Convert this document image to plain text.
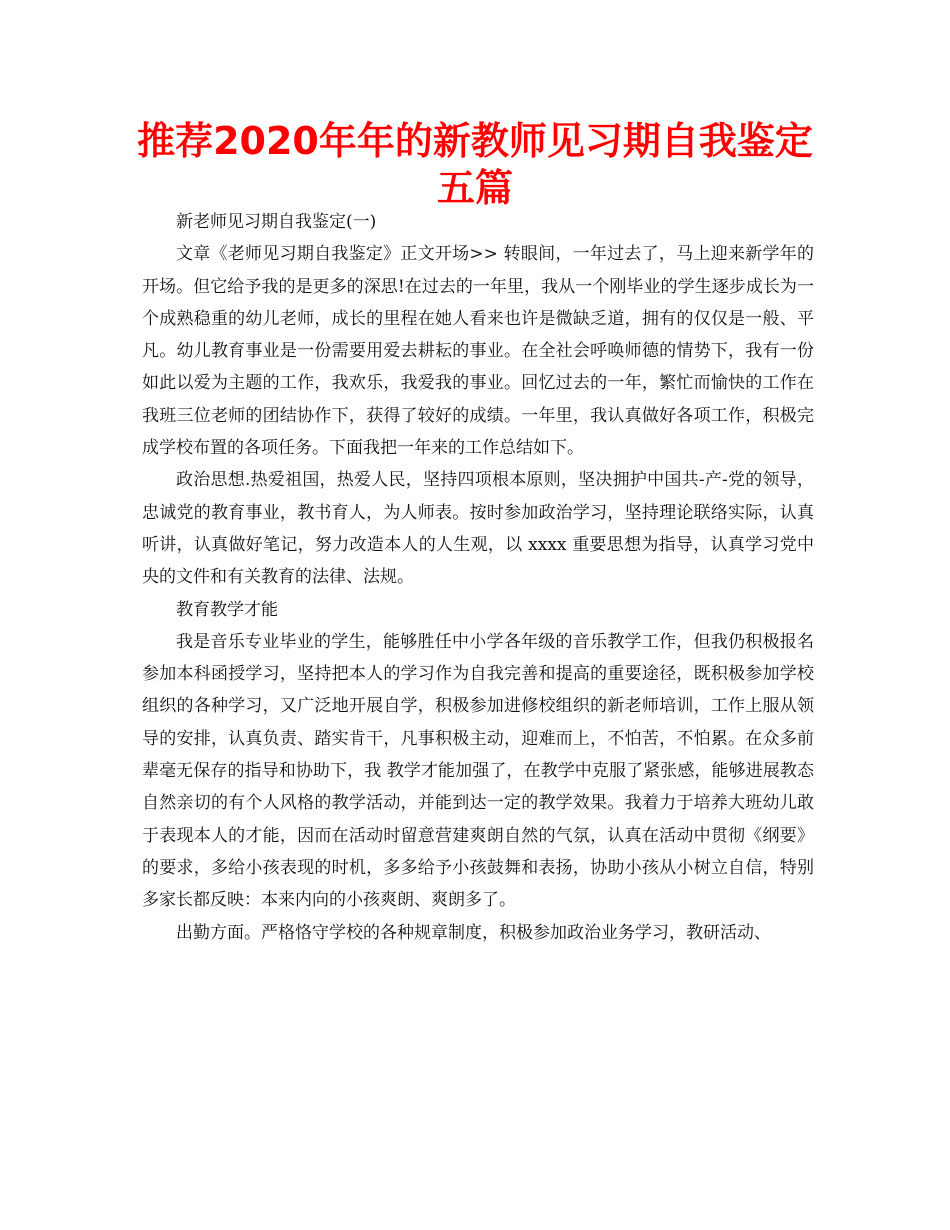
推荐2020年年的新教师见习期自我鉴定五篇

新老师见习期自我鉴定(一)

文章《老师见习期自我鉴定》正文开场>> 转眼间，一年过去了，马上迎来新学年的开场。但它给予我的是更多的深思!在过去的一年里，我从一个刚毕业的学生逐步成长为一个成熟稳重的幼儿老师，成长的里程在她人看来也许是微缺乏道，拥有的仅仅是一般、平凡。幼儿教育事业是一份需要用爱去耕耘的事业。在全社会呼唤师德的情势下，我有一份如此以爱为主题的工作，我欢乐，我爱我的事业。回忆过去的一年，繁忙而愉快的工作在我班三位老师的团结协作下，获得了较好的成绩。一年里，我认真做好各项工作，积极完成学校布置的各项任务。下面我把一年来的工作总结如下。

政治思想.热爱祖国，热爱人民，坚持四项根本原则，坚决拥护中国共-产-党的领导，忠诚党的教育事业，教书育人，为人师表。按时参加政治学习，坚持理论联络实际，认真听讲，认真做好笔记，努力改造本人的人生观，以 xxxx 重要思想为指导，认真学习党中央的文件和有关教育的法律、法规。

教育教学才能

我是音乐专业毕业的学生，能够胜任中小学各年级的音乐教学工作，但我仍积极报名参加本科函授学习，坚持把本人的学习作为自我完善和提高的重要途径，既积极参加学校组织的各种学习，又广泛地开展自学，积极参加进修校组织的新老师培训，工作上服从领导的安排，认真负责、踏实肯干，凡事积极主动，迎难而上，不怕苦，不怕累。在众多前辈毫无保存的指导和协助下，我 教学才能加强了，在教学中克服了紧张感，能够进展教态自然亲切的有个人风格的教学活动，并能到达一定的教学效果。我着力于培养大班幼儿敢于表现本人的才能，因而在活动时留意营建爽朗自然的气氛，认真在活动中贯彻《纲要》的要求，多给小孩表现的时机，多多给予小孩鼓舞和表扬，协助小孩从小树立自信，特别多家长都反映：本来内向的小孩爽朗、爽朗多了。

出勤方面。严格恪守学校的各种规章制度，积极参加政治业务学习，教研活动、
